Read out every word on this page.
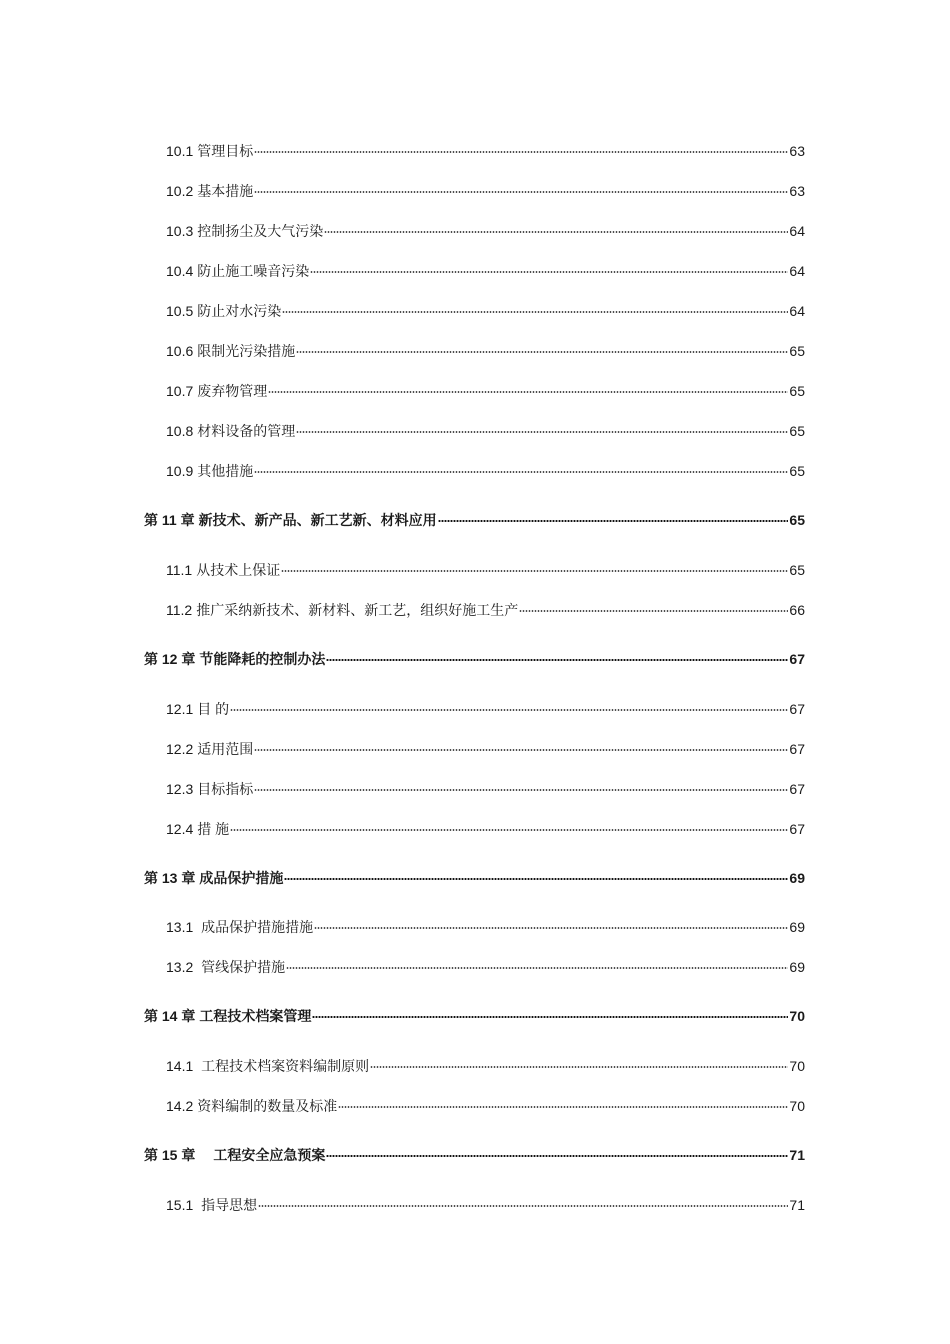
10.1 管理目标	63
10.2 基本措施	63
10.3 控制扬尘及大气污染	64
10.4 防止施工噪音污染	64
10.5 防止对水污染	64
10.6 限制光污染措施	65
10.7 废弃物管理	65
10.8 材料设备的管理	65
10.9 其他措施	65
第 11 章 新技术、新产品、新工艺新、材料应用	65
11.1 从技术上保证	65
11.2 推广采纳新技术、新材料、新工艺，组织好施工生产	66
第 12 章 节能降耗的控制办法	67
12.1 目 的	67
12.2 适用范围	67
12.3 目标指标	67
12.4 措 施	67
第 13 章 成品保护措施	69
13.1 成品保护措施措施	69
13.2 管线保护措施	69
第 14 章 工程技术档案管理	70
14.1 工程技术档案资料编制原则	70
14.2 资料编制的数量及标准	70
第 15 章　工程安全应急预案	71
15.1 指导思想	71
